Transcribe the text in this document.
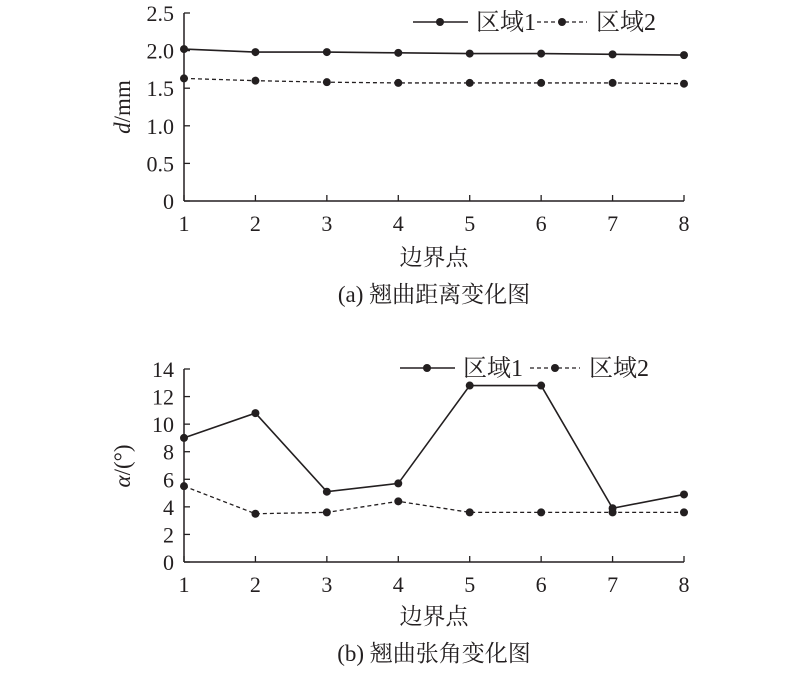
0
0.5
1.0
1.5
2.0
2.5
1	2	3	4	5	6	7	8
d/mm
边界点
(a) 翘曲距离变化图
区域1	区域2
0
2
4
6
8
10
12
14
1	2	3	4	5	6	7	8
α/(°)
边界点
(b) 翘曲张角变化图
区域1	区域2
